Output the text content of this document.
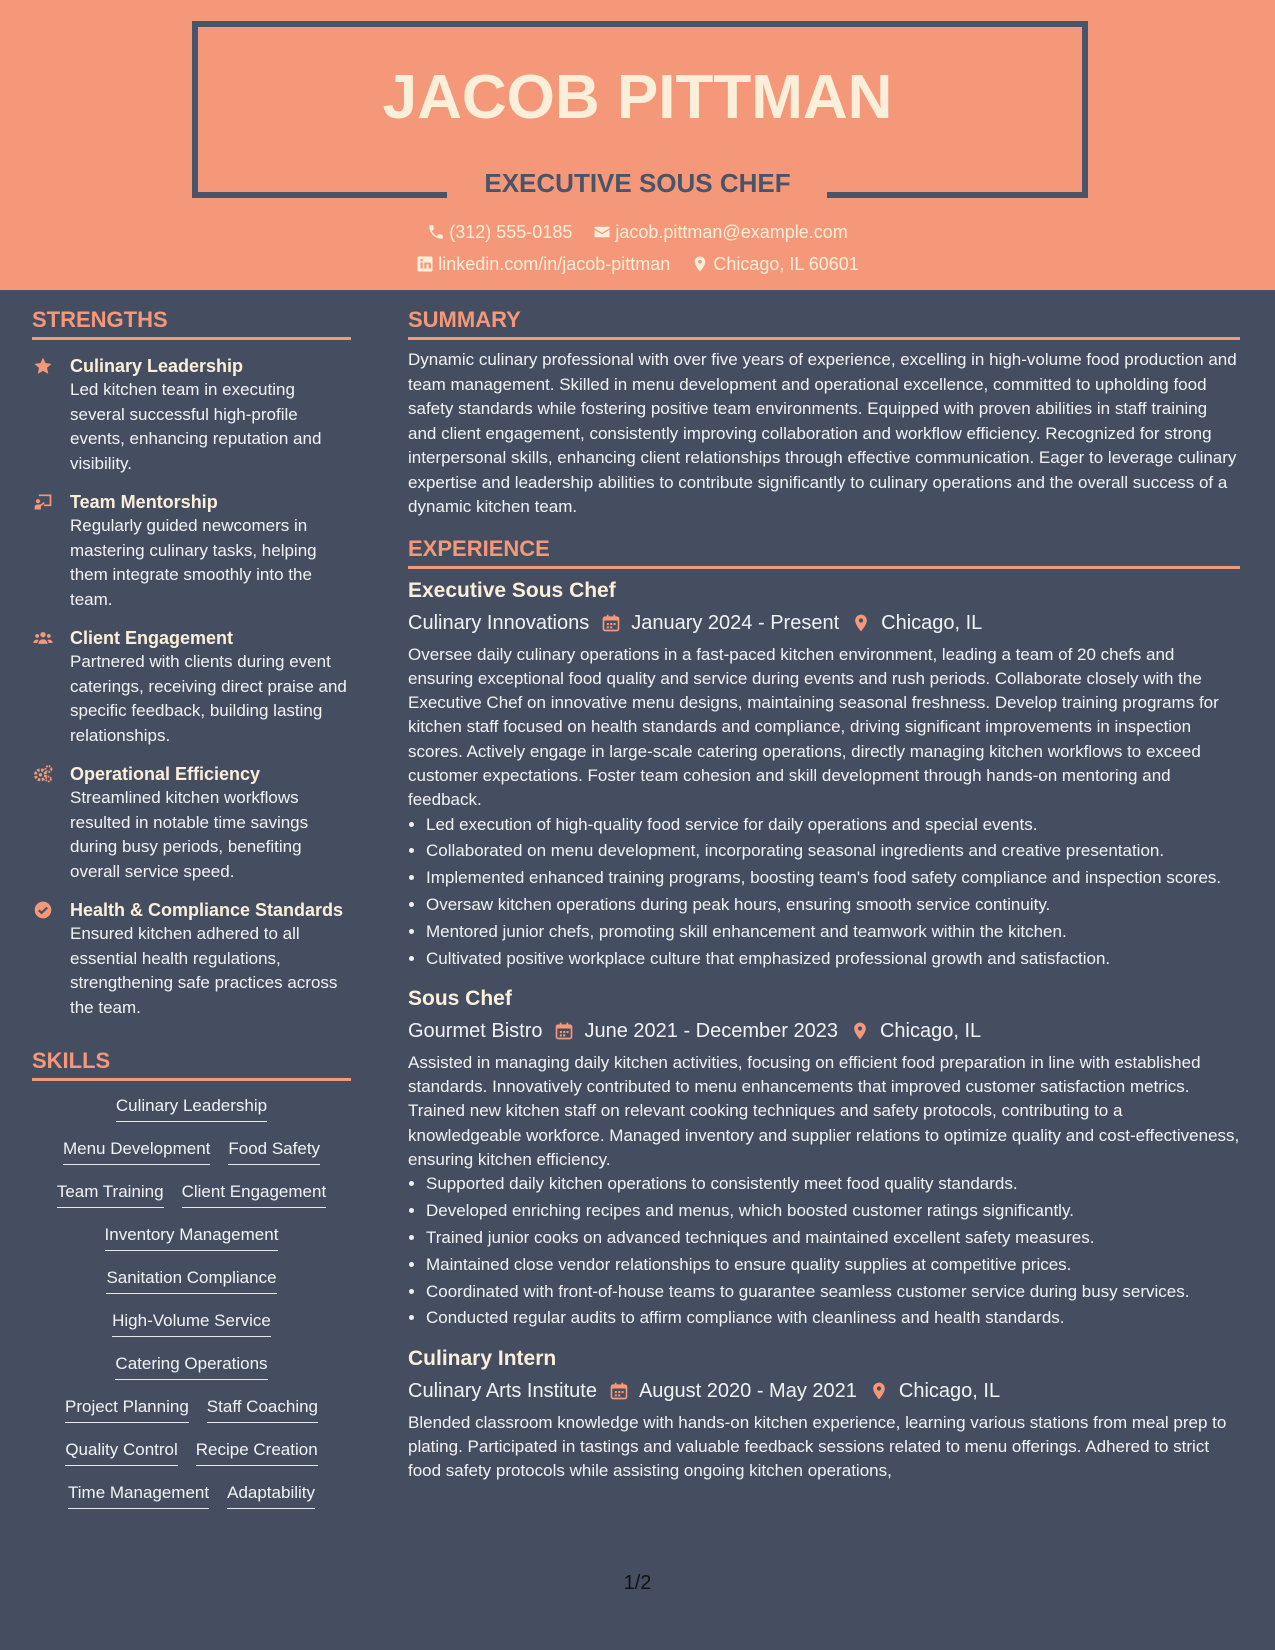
JACOB PITTMAN
EXECUTIVE SOUS CHEF
(312) 555-0185
jacob.pittman@example.com
linkedin.com/in/jacob-pittman
Chicago, IL 60601
STRENGTHS
Culinary Leadership
Led kitchen team in executing several successful high-profile events, enhancing reputation and visibility.
Team Mentorship
Regularly guided newcomers in mastering culinary tasks, helping them integrate smoothly into the team.
Client Engagement
Partnered with clients during event caterings, receiving direct praise and specific feedback, building lasting relationships.
Operational Efficiency
Streamlined kitchen workflows resulted in notable time savings during busy periods, benefiting overall service speed.
Health & Compliance Standards
Ensured kitchen adhered to all essential health regulations, strengthening safe practices across the team.
SKILLS
Culinary Leadership
Menu Development Food Safety
Team Training Client Engagement
Inventory Management
Sanitation Compliance
High-Volume Service
Catering Operations
Project Planning Staff Coaching
Quality Control Recipe Creation
Time Management Adaptability
SUMMARY
Dynamic culinary professional with over five years of experience, excelling in high-volume food production and team management. Skilled in menu development and operational excellence, committed to upholding food safety standards while fostering positive team environments. Equipped with proven abilities in staff training and client engagement, consistently improving collaboration and workflow efficiency. Recognized for strong interpersonal skills, enhancing client relationships through effective communication. Eager to leverage culinary expertise and leadership abilities to contribute significantly to culinary operations and the overall success of a dynamic kitchen team.
EXPERIENCE
Executive Sous Chef
Culinary Innovations January 2024 - Present Chicago, IL
Oversee daily culinary operations in a fast-paced kitchen environment, leading a team of 20 chefs and ensuring exceptional food quality and service during events and rush periods. Collaborate closely with the Executive Chef on innovative menu designs, maintaining seasonal freshness. Develop training programs for kitchen staff focused on health standards and compliance, driving significant improvements in inspection scores. Actively engage in large-scale catering operations, directly managing kitchen workflows to exceed customer expectations. Foster team cohesion and skill development through hands-on mentoring and feedback.
• Led execution of high-quality food service for daily operations and special events.
• Collaborated on menu development, incorporating seasonal ingredients and creative presentation.
• Implemented enhanced training programs, boosting team's food safety compliance and inspection scores.
• Oversaw kitchen operations during peak hours, ensuring smooth service continuity.
• Mentored junior chefs, promoting skill enhancement and teamwork within the kitchen.
• Cultivated positive workplace culture that emphasized professional growth and satisfaction.
Sous Chef
Gourmet Bistro June 2021 - December 2023 Chicago, IL
Assisted in managing daily kitchen activities, focusing on efficient food preparation in line with established standards. Innovatively contributed to menu enhancements that improved customer satisfaction metrics. Trained new kitchen staff on relevant cooking techniques and safety protocols, contributing to a knowledgeable workforce. Managed inventory and supplier relations to optimize quality and cost-effectiveness, ensuring kitchen efficiency.
• Supported daily kitchen operations to consistently meet food quality standards.
• Developed enriching recipes and menus, which boosted customer ratings significantly.
• Trained junior cooks on advanced techniques and maintained excellent safety measures.
• Maintained close vendor relationships to ensure quality supplies at competitive prices.
• Coordinated with front-of-house teams to guarantee seamless customer service during busy services.
• Conducted regular audits to affirm compliance with cleanliness and health standards.
Culinary Intern
Culinary Arts Institute August 2020 - May 2021 Chicago, IL
Blended classroom knowledge with hands-on kitchen experience, learning various stations from meal prep to plating. Participated in tastings and valuable feedback sessions related to menu offerings. Adhered to strict food safety protocols while assisting ongoing kitchen operations,
1/2
